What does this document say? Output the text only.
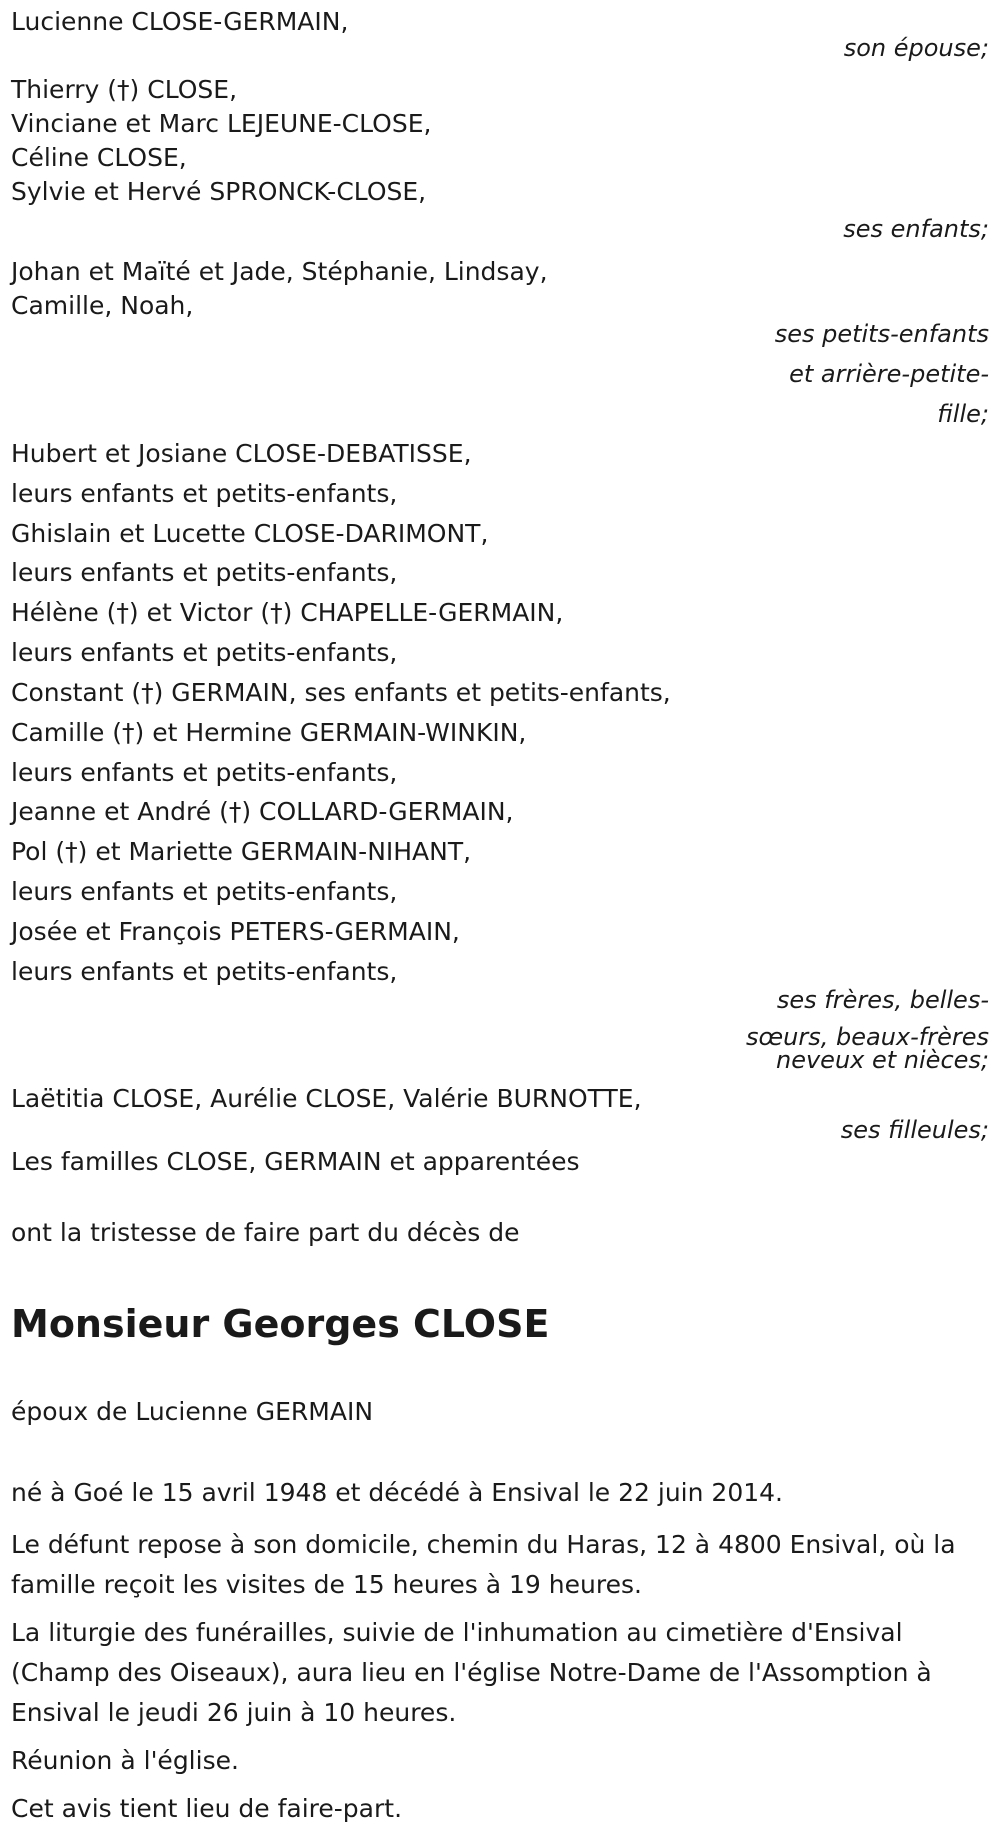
Lucienne CLOSE-GERMAIN,
son épouse;
Thierry (†) CLOSE,
Vinciane et Marc LEJEUNE-CLOSE,
Céline CLOSE,
Sylvie et Hervé SPRONCK-CLOSE,
ses enfants;
Johan et Maïté et Jade, Stéphanie, Lindsay,
Camille, Noah,
ses petits-enfants
et arrière-petite-
fille;
Hubert et Josiane CLOSE-DEBATISSE,
leurs enfants et petits-enfants,
Ghislain et Lucette CLOSE-DARIMONT,
leurs enfants et petits-enfants,
Hélène (†) et Victor (†) CHAPELLE-GERMAIN,
leurs enfants et petits-enfants,
Constant (†) GERMAIN, ses enfants et petits-enfants,
Camille (†) et Hermine GERMAIN-WINKIN,
leurs enfants et petits-enfants,
Jeanne et André (†) COLLARD-GERMAIN,
Pol (†) et Mariette GERMAIN-NIHANT,
leurs enfants et petits-enfants,
Josée et François PETERS-GERMAIN,
leurs enfants et petits-enfants,
ses frères, belles-
sœurs, beaux-frères
neveux et nièces;
Laëtitia CLOSE, Aurélie CLOSE, Valérie BURNOTTE,
ses filleules;
Les familles CLOSE, GERMAIN et apparentées
ont la tristesse de faire part du décès de
Monsieur Georges CLOSE
époux de Lucienne GERMAIN
né à Goé le 15 avril 1948 et décédé à Ensival le 22 juin 2014.
Le défunt repose à son domicile, chemin du Haras, 12 à 4800 Ensival, où la famille reçoit les visites de 15 heures à 19 heures.
La liturgie des funérailles, suivie de l'inhumation au cimetière d'Ensival (Champ des Oiseaux), aura lieu en l'église Notre-Dame de l'Assomption à Ensival le jeudi 26 juin à 10 heures.
Réunion à l'église.
Cet avis tient lieu de faire-part.
